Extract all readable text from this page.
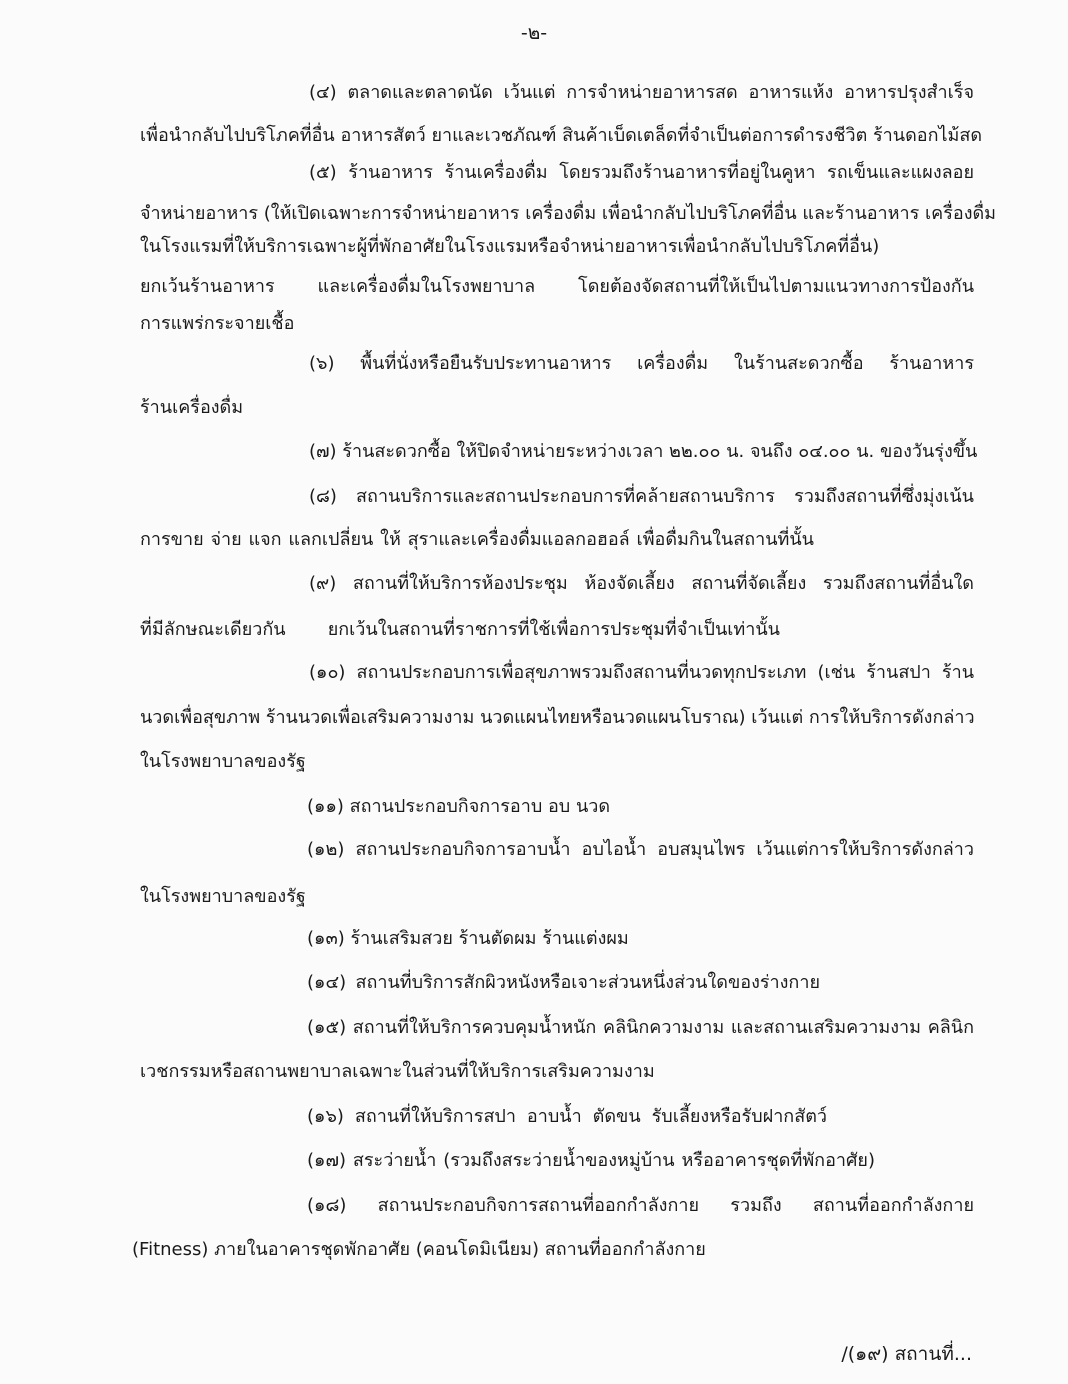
-๒-
(๔) ตลาดและตลาดนัด เว้นแต่ การจำหน่ายอาหารสด อาหารแห้ง อาหารปรุงสำเร็จ
เพื่อนำกลับไปบริโภคที่อื่น อาหารสัตว์ ยาและเวชภัณฑ์ สินค้าเบ็ดเตล็ดที่จำเป็นต่อการดำรงชีวิต ร้านดอกไม้สด
(๕) ร้านอาหาร ร้านเครื่องดื่ม โดยรวมถึงร้านอาหารที่อยู่ในคูหา รถเข็นและแผงลอย
จำหน่ายอาหาร (ให้เปิดเฉพาะการจำหน่ายอาหาร เครื่องดื่ม เพื่อนำกลับไปบริโภคที่อื่น และร้านอาหาร เครื่องดื่ม
ในโรงแรมที่ให้บริการเฉพาะผู้ที่พักอาศัยในโรงแรมหรือจำหน่ายอาหารเพื่อนำกลับไปบริโภคที่อื่น)
ยกเว้นร้านอาหาร และเครื่องดื่มในโรงพยาบาล โดยต้องจัดสถานที่ให้เป็นไปตามแนวทางการป้องกัน
การแพร่กระจายเชื้อ
(๖) พื้นที่นั่งหรือยืนรับประทานอาหาร เครื่องดื่ม ในร้านสะดวกซื้อ ร้านอาหาร
ร้านเครื่องดื่ม
(๗) ร้านสะดวกซื้อ ให้ปิดจำหน่ายระหว่างเวลา ๒๒.๐๐ น. จนถึง ๐๔.๐๐ น. ของวันรุ่งขึ้น
(๘) สถานบริการและสถานประกอบการที่คล้ายสถานบริการ รวมถึงสถานที่ซึ่งมุ่งเน้น
การขาย จ่าย แจก แลกเปลี่ยน ให้ สุราและเครื่องดื่มแอลกอฮอล์ เพื่อดื่มกินในสถานที่นั้น
(๙) สถานที่ให้บริการห้องประชุม ห้องจัดเลี้ยง สถานที่จัดเลี้ยง รวมถึงสถานที่อื่นใด
ที่มีลักษณะเดียวกัน ยกเว้นในสถานที่ราชการที่ใช้เพื่อการประชุมที่จำเป็นเท่านั้น
(๑๐) สถานประกอบการเพื่อสุขภาพรวมถึงสถานที่นวดทุกประเภท (เช่น ร้านสปา ร้าน
นวดเพื่อสุขภาพ ร้านนวดเพื่อเสริมความงาม นวดแผนไทยหรือนวดแผนโบราณ) เว้นแต่ การให้บริการดังกล่าว
ในโรงพยาบาลของรัฐ
(๑๑) สถานประกอบกิจการอาบ อบ นวด
(๑๒) สถานประกอบกิจการอาบน้ำ อบไอน้ำ อบสมุนไพร เว้นแต่การให้บริการดังกล่าว
ในโรงพยาบาลของรัฐ
(๑๓) ร้านเสริมสวย ร้านตัดผม ร้านแต่งผม
(๑๔) สถานที่บริการสักผิวหนังหรือเจาะส่วนหนึ่งส่วนใดของร่างกาย
(๑๕) สถานที่ให้บริการควบคุมน้ำหนัก คลินิกความงาม และสถานเสริมความงาม คลินิก
เวชกรรมหรือสถานพยาบาลเฉพาะในส่วนที่ให้บริการเสริมความงาม
(๑๖) สถานที่ให้บริการสปา อาบน้ำ ตัดขน รับเลี้ยงหรือรับฝากสัตว์
(๑๗) สระว่ายน้ำ (รวมถึงสระว่ายน้ำของหมู่บ้าน หรืออาคารชุดที่พักอาศัย)
(๑๘) สถานประกอบกิจการสถานที่ออกกำลังกาย รวมถึง สถานที่ออกกำลังกาย
(Fitness) ภายในอาคารชุดพักอาศัย (คอนโดมิเนียม) สถานที่ออกกำลังกาย
/(๑๙) สถานที่...
